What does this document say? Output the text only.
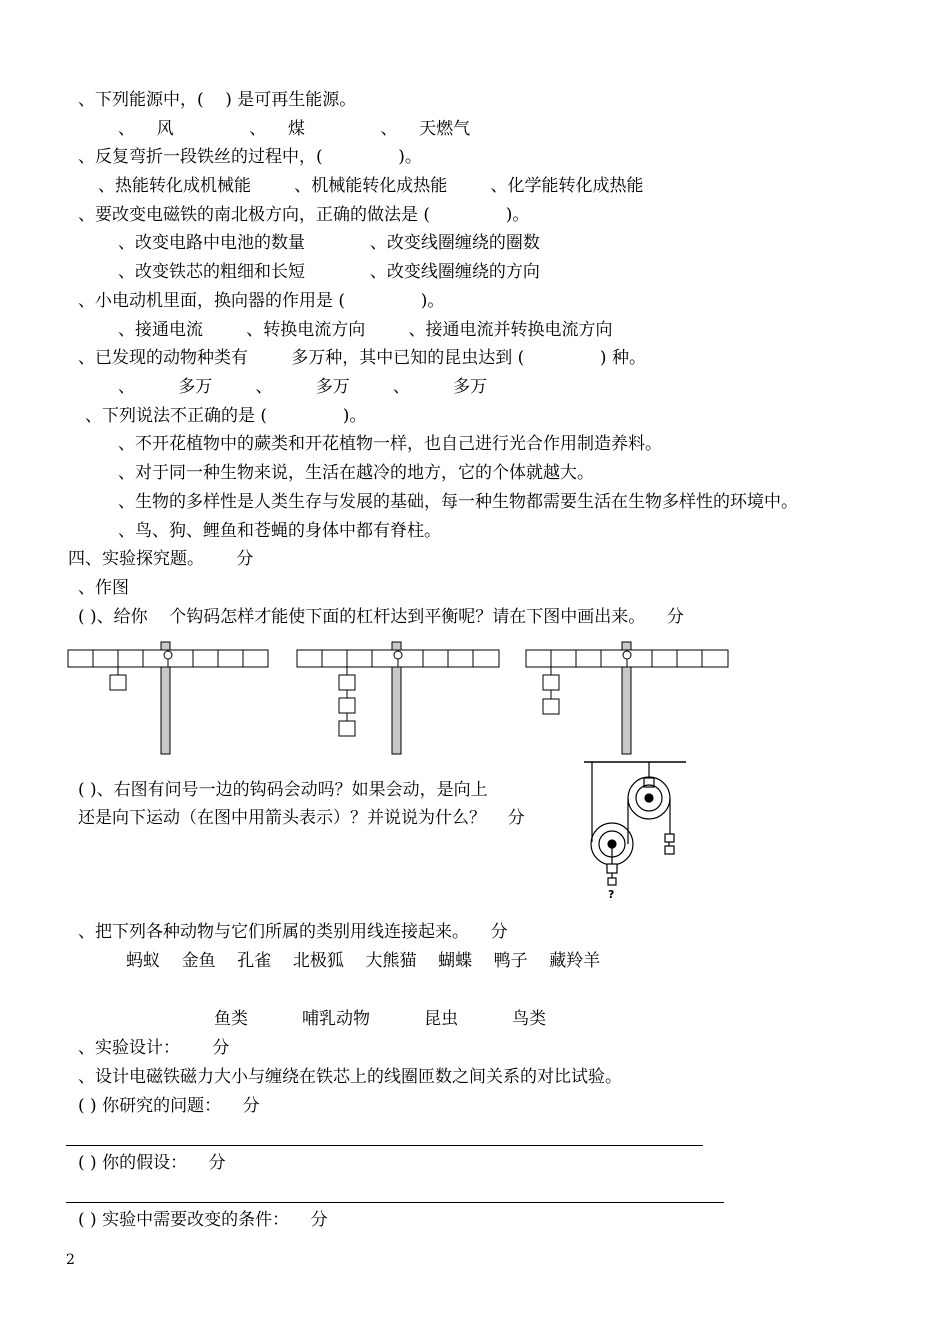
、下列能源中，(    ) 是可再生能源。
、    风              、    煤              、    天燃气
、反复弯折一段铁丝的过程中，(              )。
、热能转化成机械能        、机械能转化成热能        、化学能转化成热能
、要改变电磁铁的南北极方向，正确的做法是 (              )。
、改变电路中电池的数量            、改变线圈缠绕的圈数
、改变铁芯的粗细和长短            、改变线圈缠绕的方向
、小电动机里面，换向器的作用是 (              )。
、接通电流        、转换电流方向        、接通电流并转换电流方向
、已发现的动物种类有        多万种，其中已知的昆虫达到 (              ) 种。
、        多万        、        多万        、        多万
、下列说法不正确的是 (              )。
、不开花植物中的蕨类和开花植物一样，也自己进行光合作用制造养料。
、对于同一种生物来说，生活在越冷的地方，它的个体就越大。
、生物的多样性是人类生存与发展的基础，每一种生物都需要生活在生物多样性的环境中。
、鸟、狗、鲤鱼和苍蝇的身体中都有脊柱。
四、实验探究题。      分
、作图
( )、给你    个钩码怎样才能使下面的杠杆达到平衡呢？请在下图中画出来。    分
( )、右图有问号一边的钩码会动吗？如果会动，是向上
还是向下运动（在图中用箭头表示）？并说说为什么？    分
?
、把下列各种动物与它们所属的类别用线连接起来。    分
蚂蚁    金鱼    孔雀    北极狐    大熊猫    蝴蝶    鸭子    藏羚羊
鱼类          哺乳动物          昆虫          鸟类
、实验设计：      分
、设计电磁铁磁力大小与缠绕在铁芯上的线圈匝数之间关系的对比试验。
( ) 你研究的问题：    分
( ) 你的假设：    分
( ) 实验中需要改变的条件：    分
2
